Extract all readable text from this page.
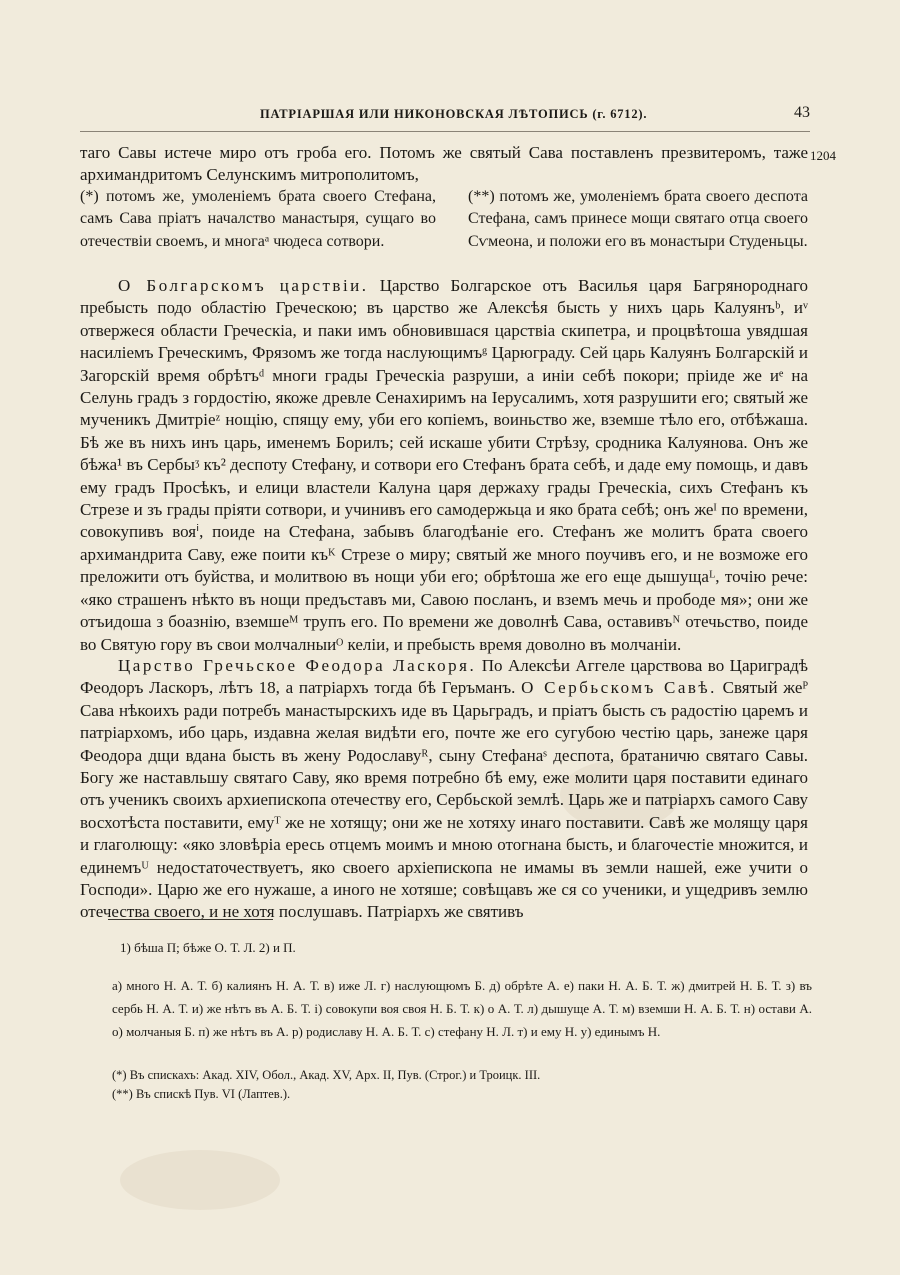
ПАТРІАРШАЯ ИЛИ НИКОНОВСКАЯ ЛѢТОПИСЬ (г. 6712).	43
1204

таго Савы истече миро отъ гроба его. Потомъ же святый Сава поставленъ презвитеромъ, таже архимандритомъ Селунскимъ митрополитомъ,

(*) потомъ же, умоленіемъ брата своего Стефана, самъ Сава пріатъ началство манастыря, сущаго во отечествіи своемъ, и многаᵃ чюдеса сотвори.
(**) потомъ же, умоленіемъ брата своего деспота Стефана, самъ принесе мощи святаго отца своего Сѵмеона, и положи его въ монастыри Студеньцы.

О Болгарскомъ царствіи. Царство Болгарское отъ Василья царя Багрянороднаго пребысть подо областію Греческою; въ царство же Алексѣя бысть у нихъ царь Калуянъᵇ, иᵛ отвержеся области Греческіа, и паки имъ обновившася царствіа скипетра, и процвѣтоша увядшая насиліемъ Греческимъ, Фрязомъ же тогда наслующимъᵍ Царюграду. Сей царь Калуянъ Болгарскій и Загорскій время обрѣтъᵈ многи грады Греческіа разруши, а иніи себѣ покори; пріиде же иᵉ на Селунь градъ з гордостію, якоже древле Сенахиримъ на Іерусалимъ, хотя разрушити его; святый же мученикъ Дмитріеᶻ нощію, спящу ему, уби его копіемъ, воиньство же, вземше тѣло его, отбѣжаша. Бѣ же въ нихъ инъ царь, именемъ Борилъ; сей искаше убити Стрѣзу, сродника Калуянова. Онъ же бѣжа¹ въ Сербыᶾ къ² деспоту Стефану, и сотвори его Стефанъ брата себѣ, и даде ему помощь, и давъ ему градъ Просѣкъ, и елици властели Калуна царя держаху грады Греческіа, сихъ Стефанъ къ Стрезе и зъ грады пріяти сотвори, и учинивъ его самодержьца и яко брата себѣ; онъ жеᴵ по времени, совокупивъ вояⁱ, поиде на Стефана, забывъ благодѣаніе его. Стефанъ же молитъ брата своего архимандрита Саву, еже поити къᴷ Стрезе о миру; святый же много поучивъ его, и не возможе его преложити отъ буйства, и молитвою въ нощи уби его; обрѣтоша же его еще дышущаᴸ, точію рече: «яко страшенъ нѣкто въ нощи предъставъ ми, Савою посланъ, и вземъ мечь и прободе мя»; они же отъидоша з боазнію, вземшеᴹ трупъ его. По времени же доволнѣ Сава, оставивъᴺ отечьство, поиде во Святую гору въ свои молчалныиᴼ келіи, и пребысть время доволно въ молчаніи.

Царство Гречьское Феодора Ласкоря. По Алексѣи Аггеле царствова во Цариградѣ Феодоръ Ласкоръ, лѣтъ 18, а патріархъ тогда бѣ Геръманъ. О Сербьскомъ Савѣ. Святый жеᴾ Сава нѣкоихъ ради потребъ манастырскихъ иде въ Царьградъ, и пріатъ бысть съ радостію царемъ и патріархомъ, ибо царь, издавна желая видѣти его, почте же его сугубою честію царь, занеже царя Феодора дщи вдана бысть въ жену Родославуᴿ, сыну Стефанаˢ деспота, братаничю святаго Савы. Богу же наставльшу святаго Саву, яко время потребно бѣ ему, еже молити царя поставити единаго отъ ученикъ своихъ архиепископа отечеству его, Сербьской землѣ. Царь же и патріархъ самого Саву восхотѣста поставити, емуᵀ же не хотящу; они же не хотяху инаго поставити. Савѣ же молящу царя и глаголющу: «яко зловѣріа ересь отцемъ моимъ и мною отогнана бысть, и благочестіе множится, и единемъᵁ недостаточествуетъ, яко своего архіепископа не имамы въ земли нашей, еже учити о Господи». Царю же его нужаше, а иного не хотяше; совѣщавъ же ся со ученики, и ущедривъ землю отечества своего, и не хотя послушавъ. Патріархъ же святивъ

1) бѣша П; бѣже О. Т. Л. 2) и П.
а) много Н. А. Т. б) калиянъ Н. А. Т. в) иже Л. г) наслующюмъ Б. д) обрѣте А. е) паки Н. А. Б. Т. ж) дмитрей Н. Б. Т. з) въ сербь Н. А. Т. и) же нѣтъ въ А. Б. Т. і) совокупи воя своя Н. Б. Т. к) о А. Т. л) дышуще А. Т. м) вземши Н. А. Б. Т. н) остави А. о) молчаныя Б. п) же нѣтъ въ А. р) родиславу Н. А. Б. Т. с) стефану Н. Л. т) и ему Н. у) единымъ Н.
(*) Въ спискахъ: Акад. XIV, Обол., Акад. XV, Арх. II, Пув. (Строг.) и Троицк. III.
(**) Въ спискѣ Пув. VI (Лаптев.).
